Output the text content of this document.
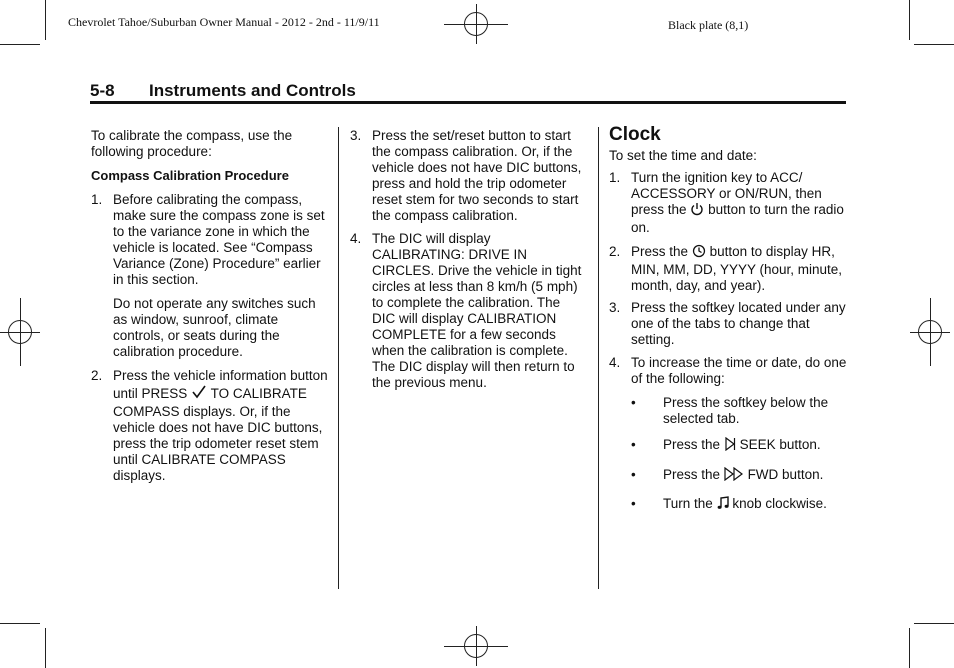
Chevrolet Tahoe/Suburban Owner Manual - 2012 - 2nd - 11/9/11	Black plate (8,1)
5-8 Instruments and Controls

To calibrate the compass, use the following procedure:

Compass Calibration Procedure

1. Before calibrating the compass, make sure the compass zone is set to the variance zone in which the vehicle is located. See “Compass Variance (Zone) Procedure” earlier in this section.
Do not operate any switches such as window, sunroof, climate controls, or seats during the calibration procedure.
2. Press the vehicle information button until PRESS TO CALIBRATE COMPASS displays. Or, if the vehicle does not have DIC buttons, press the trip odometer reset stem until CALIBRATE COMPASS displays.
3. Press the set/reset button to start the compass calibration. Or, if the vehicle does not have DIC buttons, press and hold the trip odometer reset stem for two seconds to start the compass calibration.
4. The DIC will display CALIBRATING: DRIVE IN CIRCLES. Drive the vehicle in tight circles at less than 8 km/h (5 mph) to complete the calibration. The DIC will display CALIBRATION COMPLETE for a few seconds when the calibration is complete. The DIC display will then return to the previous menu.

Clock

To set the time and date:

1. Turn the ignition key to ACC/ ACCESSORY or ON/RUN, then press the button to turn the radio on.
2. Press the button to display HR, MIN, MM, DD, YYYY (hour, minute, month, day, and year).
3. Press the softkey located under any one of the tabs to change that setting.
4. To increase the time or date, do one of the following:
• Press the softkey below the selected tab.
• Press the SEEK button.
• Press the FWD button.
• Turn the knob clockwise.
